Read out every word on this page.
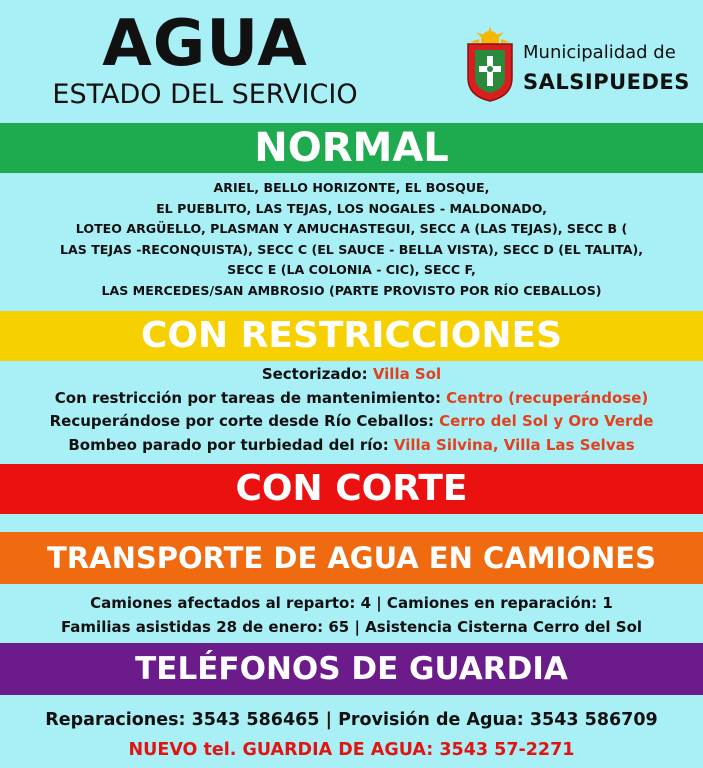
AGUA
ESTADO DEL SERVICIO
Municipalidad de
SALSIPUEDES
NORMAL
ARIEL, BELLO HORIZONTE, EL BOSQUE,
EL PUEBLITO, LAS TEJAS, LOS NOGALES - MALDONADO,
LOTEO ARGÜELLO, PLASMAN Y AMUCHASTEGUI, SECC A (LAS TEJAS), SECC B (
LAS TEJAS -RECONQUISTA), SECC C (EL SAUCE - BELLA VISTA), SECC D (EL TALITA),
SECC E (LA COLONIA - CIC), SECC F,
LAS MERCEDES/SAN AMBROSIO (PARTE PROVISTO POR RÍO CEBALLOS)
CON RESTRICCIONES
Sectorizado: Villa Sol
Con restricción por tareas de mantenimiento: Centro (recuperándose)
Recuperándose por corte desde Río Ceballos: Cerro del Sol y Oro Verde
Bombeo parado por turbiedad del río: Villa Silvina, Villa Las Selvas
CON CORTE
TRANSPORTE DE AGUA EN CAMIONES
Camiones afectados al reparto: 4 | Camiones en reparación: 1
Familias asistidas 28 de enero: 65 | Asistencia Cisterna Cerro del Sol
TELÉFONOS DE GUARDIA
Reparaciones: 3543 586465 | Provisión de Agua: 3543 586709
NUEVO tel. GUARDIA DE AGUA: 3543 57-2271
